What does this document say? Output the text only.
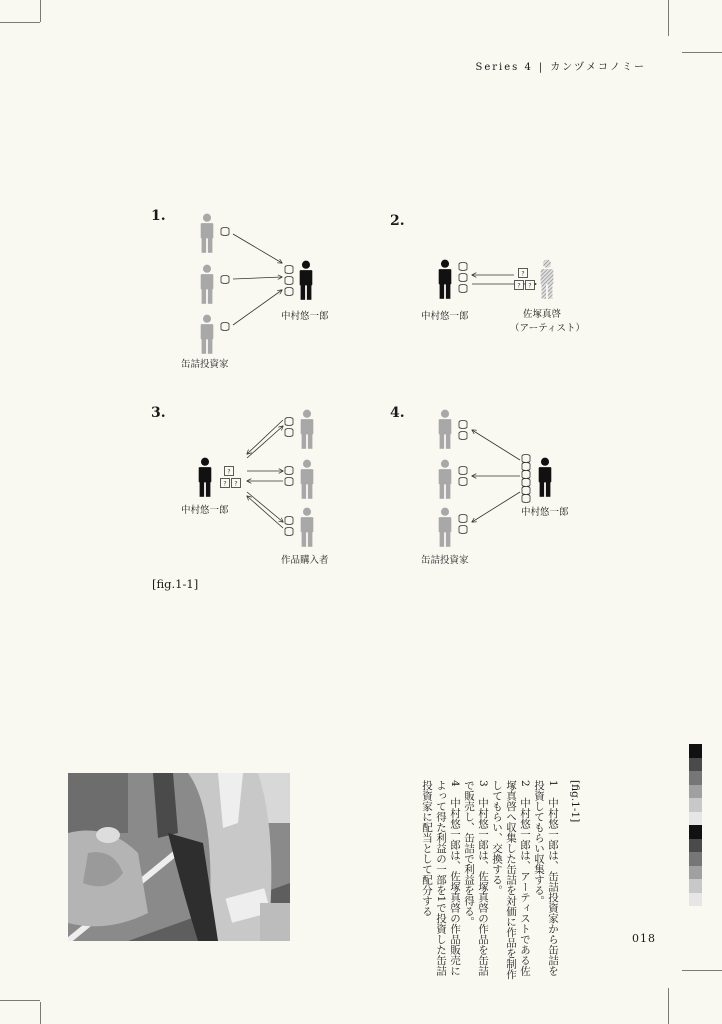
Series 4 | カンヅメコノミー
1.
中村悠一郎
缶詰投資家
2.
中村悠一郎	佐塚真啓
（アーティスト）
3.
中村悠一郎
作品購入者
4.
中村悠一郎
缶詰投資家
[fig.1-1]
[fig.1-1]
1　中村悠一郎は、缶詰投資家から缶詰を投資してもらい収集する。
2　中村悠一郎は、アーティストである佐塚真啓へ収集した缶詰を対価に作品を制作してもらい、交換する。
3　中村悠一郎は、佐塚真啓の作品を缶詰で販売し、缶詰で利益を得る。
4　中村悠一郎は、佐塚真啓の作品販売によって得た利益の一部を1で投資した缶詰投資家に配当として配分する
018
